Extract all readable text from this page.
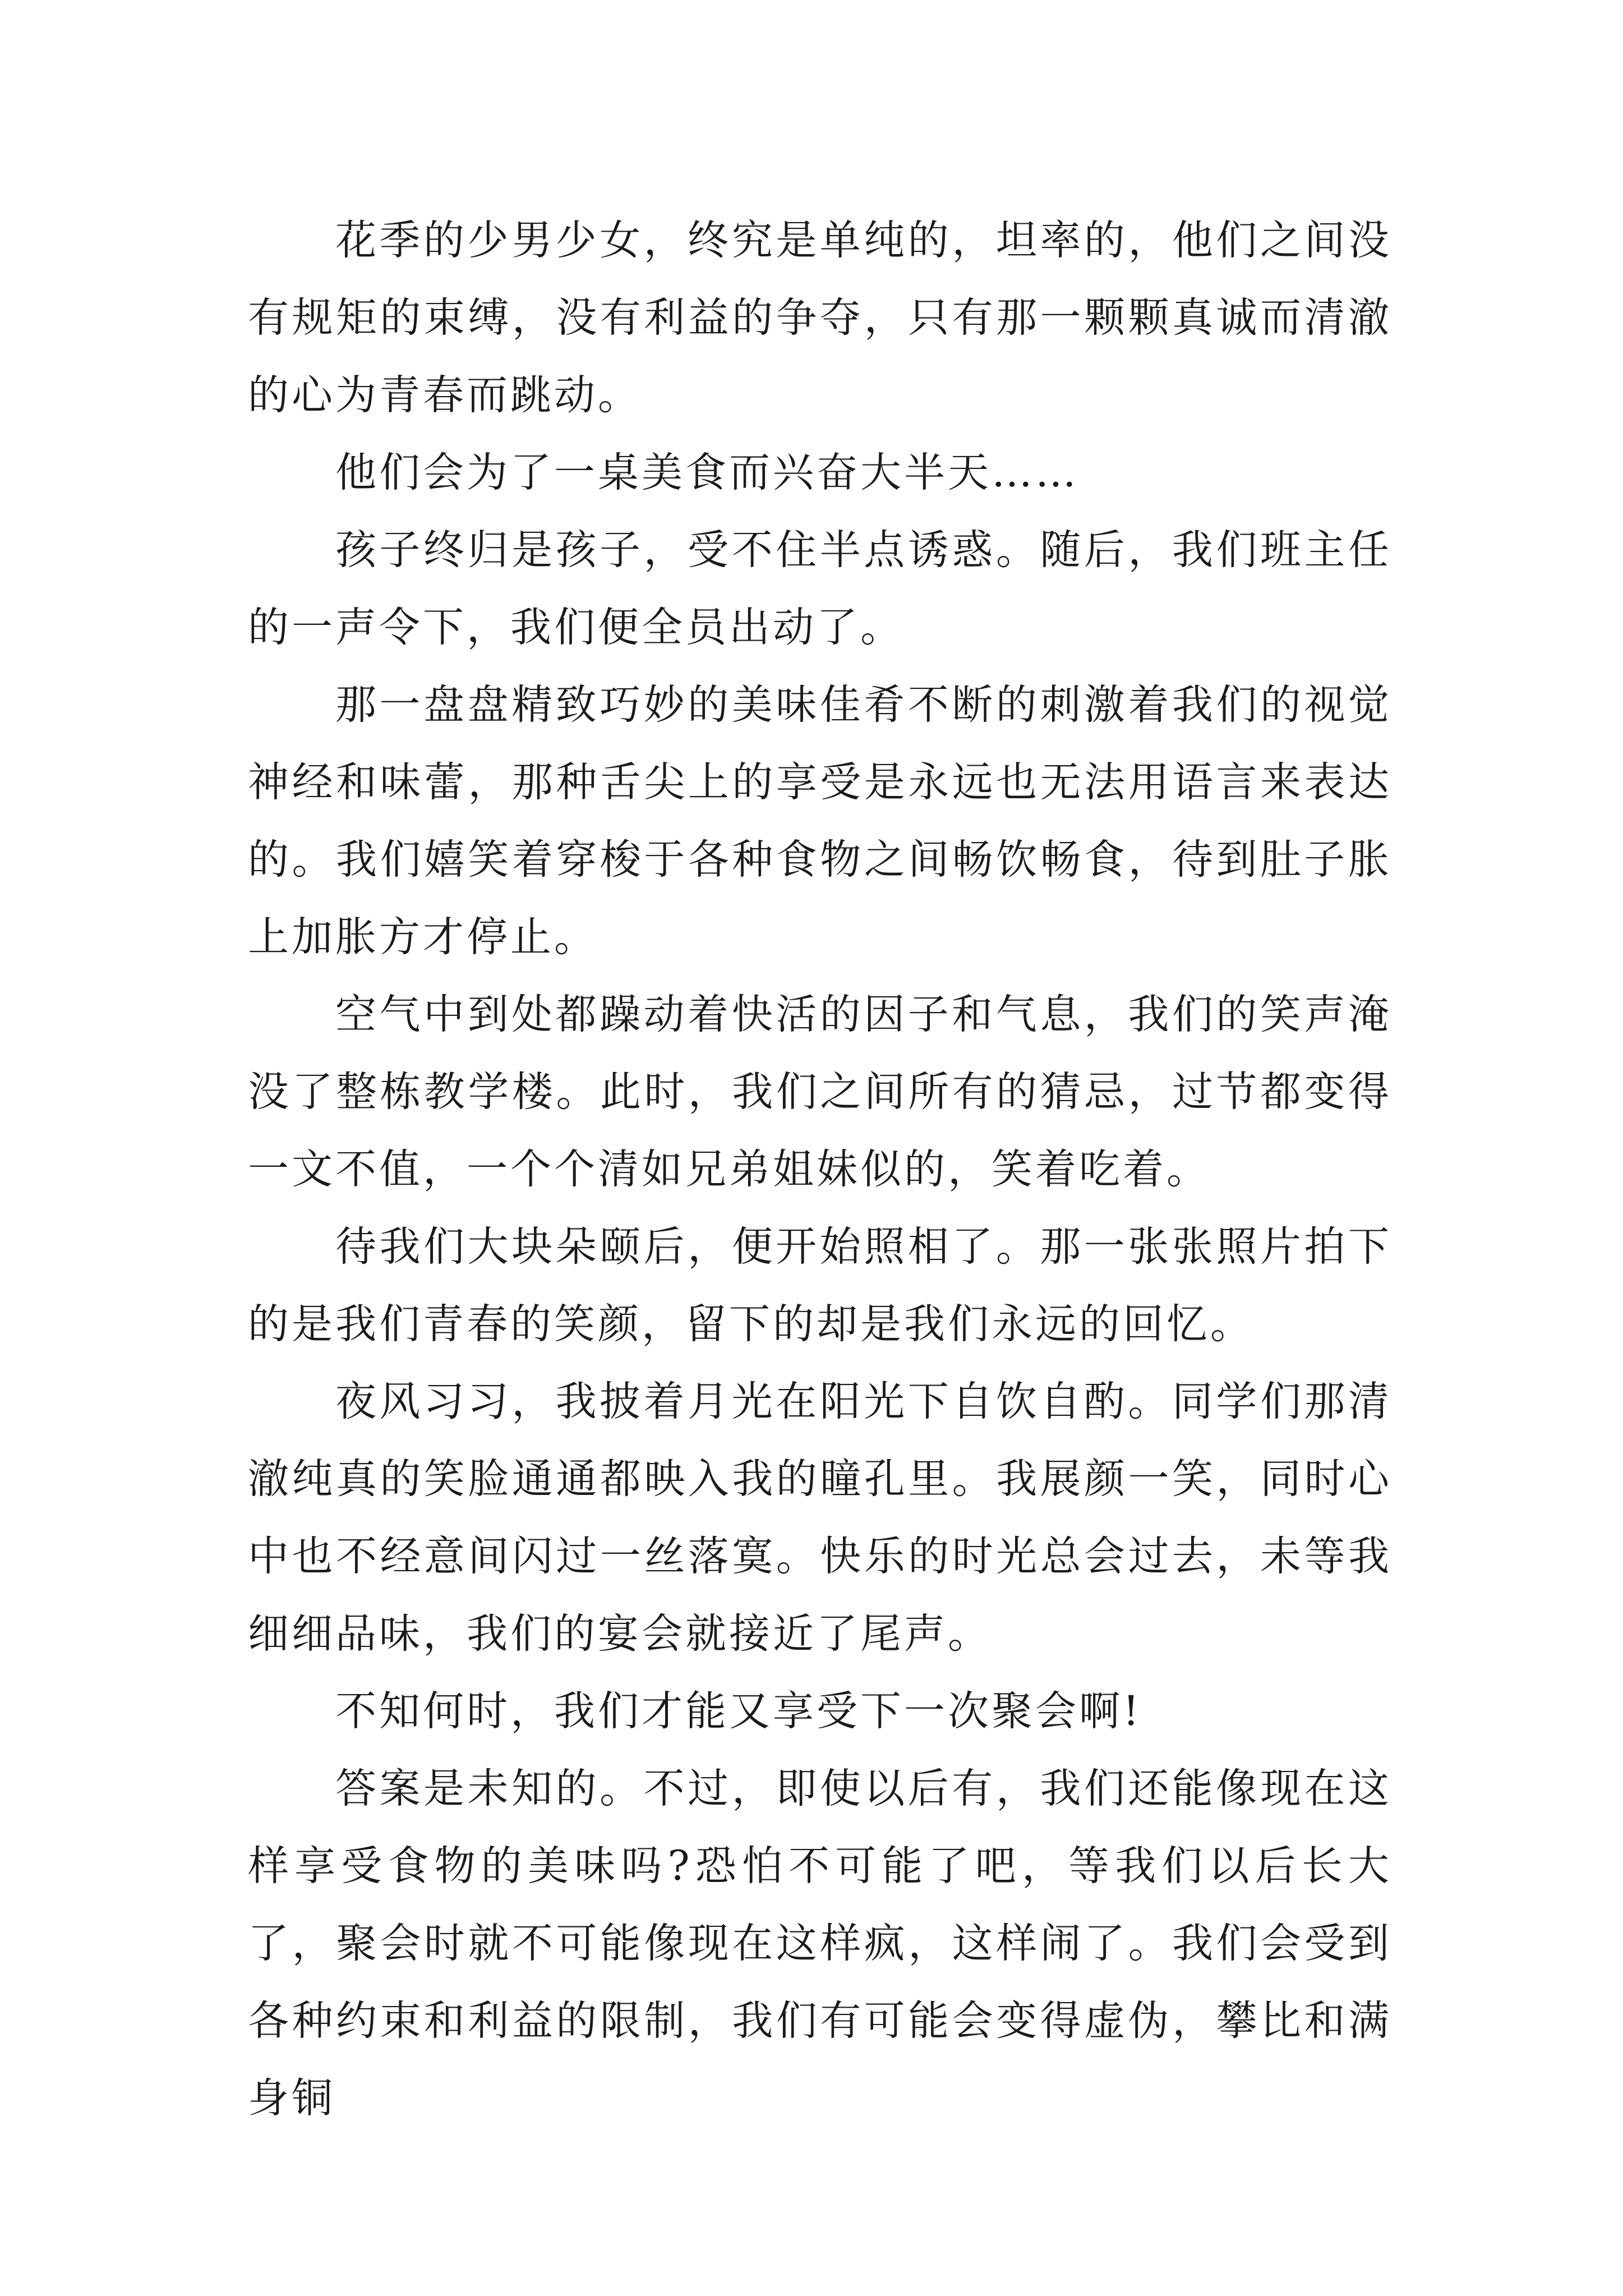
花季的少男少女，终究是单纯的，坦率的，他们之间没有规矩的束缚，没有利益的争夺，只有那一颗颗真诚而清澈的心为青春而跳动。

他们会为了一桌美食而兴奋大半天……

孩子终归是孩子，受不住半点诱惑。随后，我们班主任的一声令下，我们便全员出动了。

那一盘盘精致巧妙的美味佳肴不断的刺激着我们的视觉神经和味蕾，那种舌尖上的享受是永远也无法用语言来表达的。我们嬉笑着穿梭于各种食物之间畅饮畅食，待到肚子胀上加胀方才停止。

空气中到处都躁动着快活的因子和气息，我们的笑声淹没了整栋教学楼。此时，我们之间所有的猜忌，过节都变得一文不值，一个个清如兄弟姐妹似的，笑着吃着。

待我们大块朵颐后，便开始照相了。那一张张照片拍下的是我们青春的笑颜，留下的却是我们永远的回忆。

夜风习习，我披着月光在阳光下自饮自酌。同学们那清澈纯真的笑脸通通都映入我的瞳孔里。我展颜一笑，同时心中也不经意间闪过一丝落寞。快乐的时光总会过去，未等我细细品味，我们的宴会就接近了尾声。

不知何时，我们才能又享受下一次聚会啊!

答案是未知的。不过，即使以后有，我们还能像现在这样享受食物的美味吗?恐怕不可能了吧，等我们以后长大了，聚会时就不可能像现在这样疯，这样闹了。我们会受到各种约束和利益的限制，我们有可能会变得虚伪，攀比和满身铜
